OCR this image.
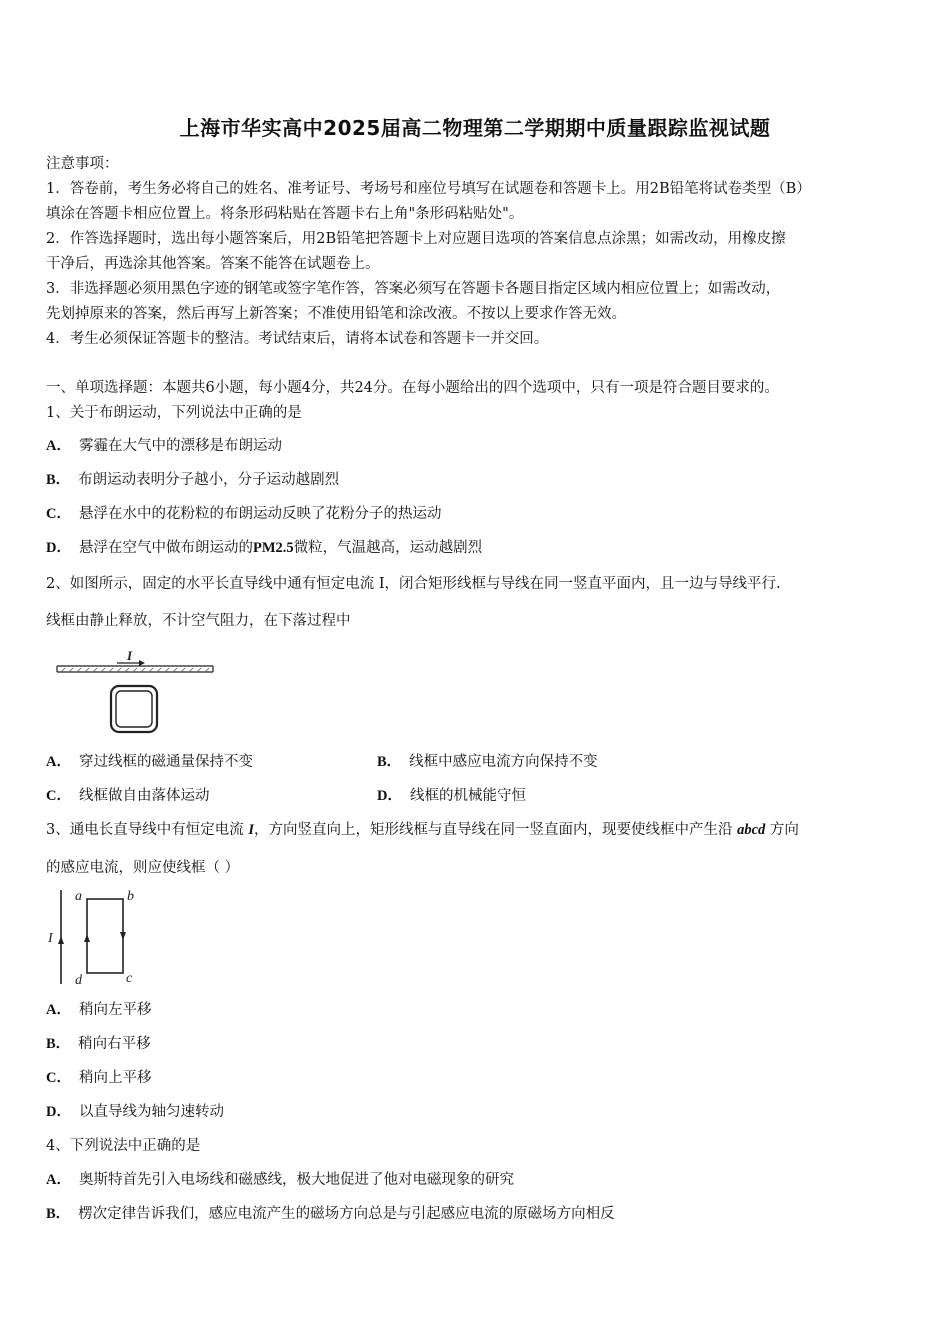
上海市华实高中2025届高二物理第二学期期中质量跟踪监视试题
注意事项：
1．答卷前，考生务必将自己的姓名、准考证号、考场号和座位号填写在试题卷和答题卡上。用2B铅笔将试卷类型（B）
填涂在答题卡相应位置上。将条形码粘贴在答题卡右上角"条形码粘贴处"。
2．作答选择题时，选出每小题答案后，用2B铅笔把答题卡上对应题目选项的答案信息点涂黑；如需改动，用橡皮擦
干净后，再选涂其他答案。答案不能答在试题卷上。
3．非选择题必须用黑色字迹的钢笔或签字笔作答，答案必须写在答题卡各题目指定区域内相应位置上；如需改动，
先划掉原来的答案，然后再写上新答案；不准使用铅笔和涂改液。不按以上要求作答无效。
4．考生必须保证答题卡的整洁。考试结束后，请将本试卷和答题卡一并交回。
一、单项选择题：本题共6小题，每小题4分，共24分。在每小题给出的四个选项中，只有一项是符合题目要求的。
1、关于布朗运动，下列说法中正确的是
A． 雾霾在大气中的漂移是布朗运动
B． 布朗运动表明分子越小，分子运动越剧烈
C． 悬浮在水中的花粉粒的布朗运动反映了花粉分子的热运动
D． 悬浮在空气中做布朗运动的PM2.5微粒，气温越高，运动越剧烈
2、如图所示，固定的水平长直导线中通有恒定电流 I，闭合矩形线框与导线在同一竖直平面内，且一边与导线平行.
线框由静止释放，不计空气阻力，在下落过程中
I
A． 穿过线框的磁通量保持不变	B． 线框中感应电流方向保持不变
C． 线框做自由落体运动	D． 线框的机械能守恒
3、通电长直导线中有恒定电流 I，方向竖直向上，矩形线框与直导线在同一竖直面内，现要使线框中产生沿 abcd 方向
的感应电流，则应使线框（ ）
I
a	b
c
d
A． 稍向左平移
B． 稍向右平移
C． 稍向上平移
D． 以直导线为轴匀速转动
4、下列说法中正确的是
A． 奥斯特首先引入电场线和磁感线，极大地促进了他对电磁现象的研究
B． 楞次定律告诉我们，感应电流产生的磁场方向总是与引起感应电流的原磁场方向相反
